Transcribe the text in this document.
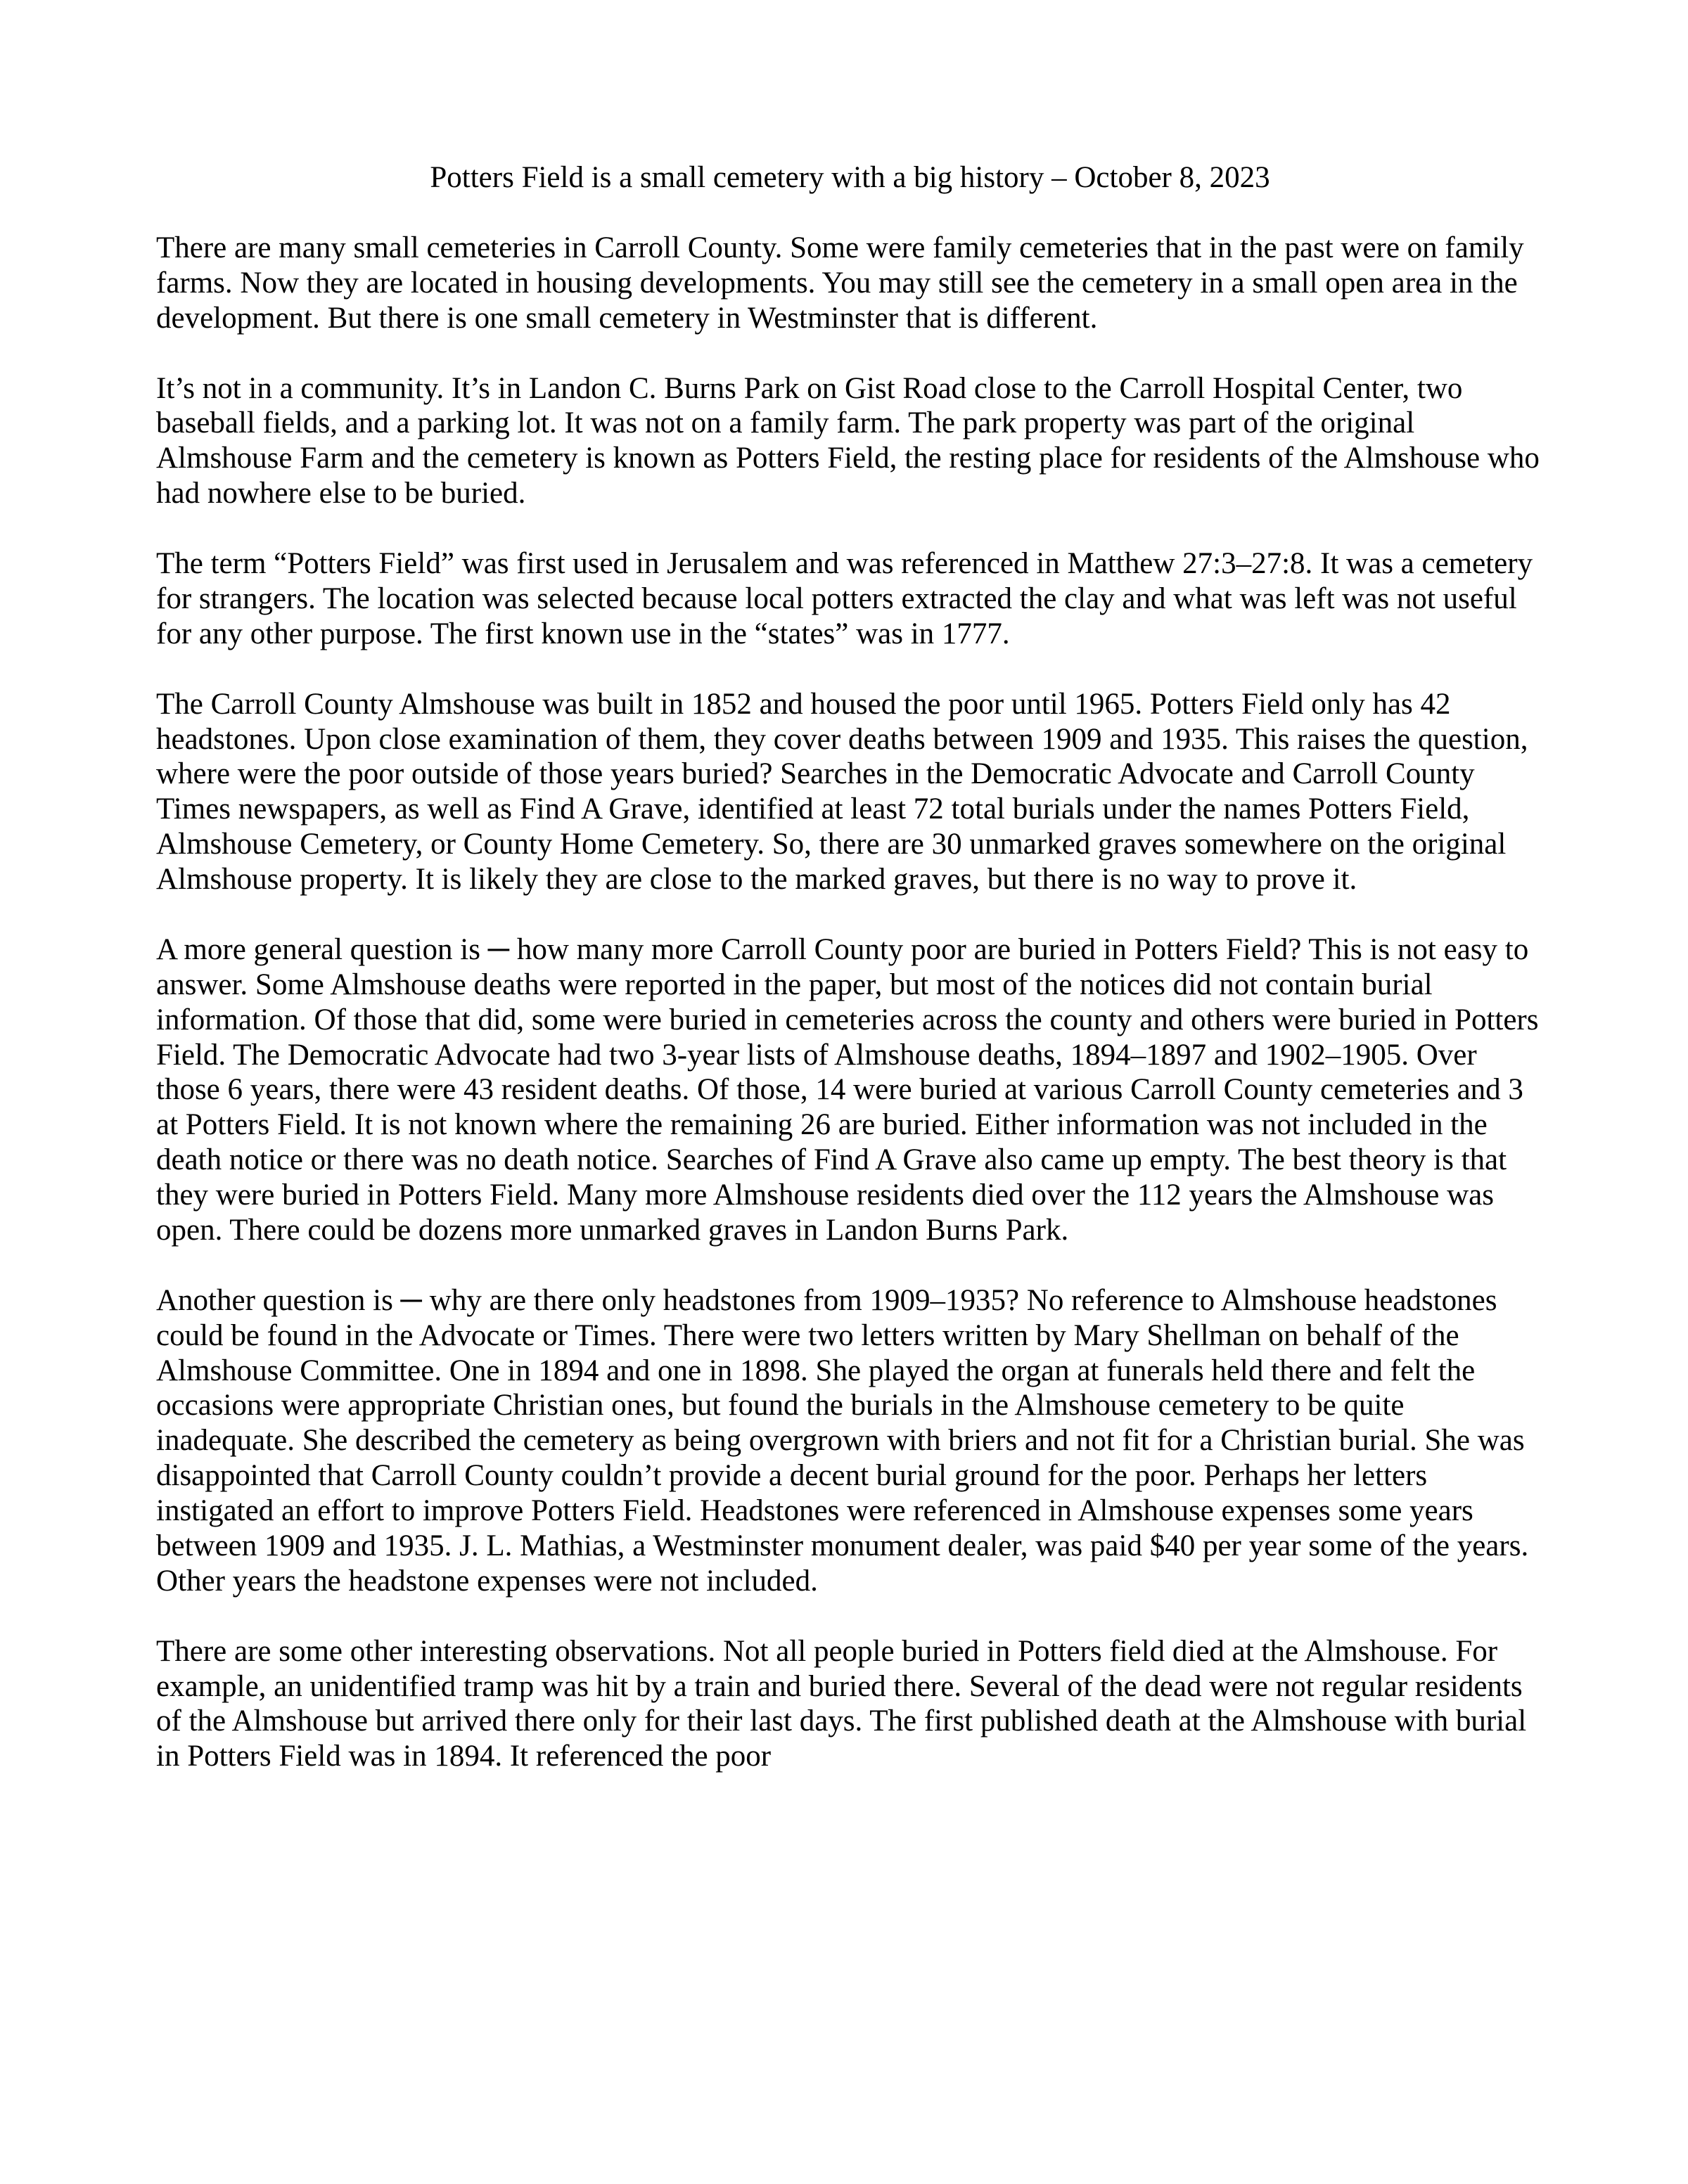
Potters Field is a small cemetery with a big history – October 8, 2023

There are many small cemeteries in Carroll County. Some were family cemeteries that in the past were on family farms. Now they are located in housing developments. You may still see the cemetery in a small open area in the development. But there is one small cemetery in Westminster that is different.

It’s not in a community. It’s in Landon C. Burns Park on Gist Road close to the Carroll Hospital Center, two baseball fields, and a parking lot. It was not on a family farm. The park property was part of the original Almshouse Farm and the cemetery is known as Potters Field, the resting place for residents of the Almshouse who had nowhere else to be buried.

The term “Potters Field” was first used in Jerusalem and was referenced in Matthew 27:3–27:8. It was a cemetery for strangers. The location was selected because local potters extracted the clay and what was left was not useful for any other purpose. The first known use in the “states” was in 1777.

The Carroll County Almshouse was built in 1852 and housed the poor until 1965. Potters Field only has 42 headstones. Upon close examination of them, they cover deaths between 1909 and 1935. This raises the question, where were the poor outside of those years buried? Searches in the Democratic Advocate and Carroll County Times newspapers, as well as Find A Grave, identified at least 72 total burials under the names Potters Field, Almshouse Cemetery, or County Home Cemetery. So, there are 30 unmarked graves somewhere on the original Almshouse property. It is likely they are close to the marked graves, but there is no way to prove it.

A more general question is ─ how many more Carroll County poor are buried in Potters Field? This is not easy to answer. Some Almshouse deaths were reported in the paper, but most of the notices did not contain burial information. Of those that did, some were buried in cemeteries across the county and others were buried in Potters Field. The Democratic Advocate had two 3-year lists of Almshouse deaths, 1894–1897 and 1902–1905. Over those 6 years, there were 43 resident deaths. Of those, 14 were buried at various Carroll County cemeteries and 3 at Potters Field. It is not known where the remaining 26 are buried. Either information was not included in the death notice or there was no death notice. Searches of Find A Grave also came up empty. The best theory is that they were buried in Potters Field. Many more Almshouse residents died over the 112 years the Almshouse was open. There could be dozens more unmarked graves in Landon Burns Park.

Another question is ─ why are there only headstones from 1909–1935? No reference to Almshouse headstones could be found in the Advocate or Times. There were two letters written by Mary Shellman on behalf of the Almshouse Committee. One in 1894 and one in 1898. She played the organ at funerals held there and felt the occasions were appropriate Christian ones, but found the burials in the Almshouse cemetery to be quite inadequate. She described the cemetery as being overgrown with briers and not fit for a Christian burial. She was disappointed that Carroll County couldn’t provide a decent burial ground for the poor. Perhaps her letters instigated an effort to improve Potters Field. Headstones were referenced in Almshouse expenses some years between 1909 and 1935. J. L. Mathias, a Westminster monument dealer, was paid $40 per year some of the years. Other years the headstone expenses were not included.

There are some other interesting observations. Not all people buried in Potters field died at the Almshouse. For example, an unidentified tramp was hit by a train and buried there. Several of the dead were not regular residents of the Almshouse but arrived there only for their last days. The first published death at the Almshouse with burial in Potters Field was in 1894. It referenced the poor
